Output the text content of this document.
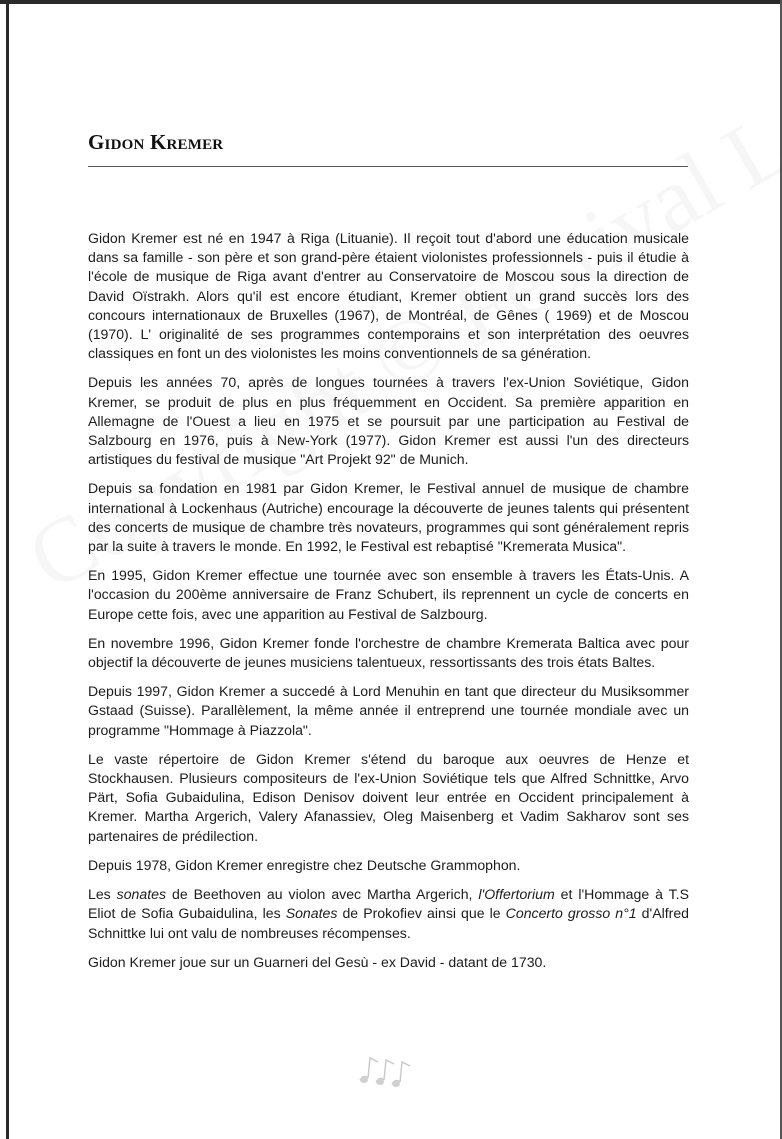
Gidon Kremer

Gidon Kremer est né en 1947 à Riga (Lituanie). Il reçoit tout d'abord une éducation musicale dans sa famille - son père et son grand-père étaient violonistes professionnels - puis il étudie à l'école de musique de Riga avant d'entrer au Conservatoire de Moscou sous la direction de David Oïstrakh. Alors qu'il est encore étudiant, Kremer obtient un grand succès lors des concours internationaux de Bruxelles (1967), de Montréal, de Gênes ( 1969) et de Moscou (1970). L' originalité de ses programmes contemporains et son interprétation des oeuvres classiques en font un des violonistes les moins conventionnels de sa génération.

Depuis les années 70, après de longues tournées à travers l'ex-Union Soviétique, Gidon Kremer, se produit de plus en plus fréquemment en Occident. Sa première apparition en Allemagne de l'Ouest a lieu en 1975 et se poursuit par une participation au Festival de Salzbourg en 1976, puis à New-York (1977). Gidon Kremer est aussi l'un des directeurs artistiques du festival de musique "Art Projekt 92" de Munich.

Depuis sa fondation en 1981 par Gidon Kremer, le Festival annuel de musique de chambre international à Lockenhaus (Autriche) encourage la découverte de jeunes talents qui présentent des concerts de musique de chambre très novateurs, programmes qui sont généralement repris par la suite à travers le monde. En 1992, le Festival est rebaptisé "Kremerata Musica".

En 1995, Gidon Kremer effectue une tournée avec son ensemble à travers les États-Unis. A l'occasion du 200ème anniversaire de Franz Schubert, ils reprennent un cycle de concerts en Europe cette fois, avec une apparition au Festival de Salzbourg.

En novembre 1996, Gidon Kremer fonde l'orchestre de chambre Kremerata Baltica avec pour objectif la découverte de jeunes musiciens talentueux, ressortissants des trois états Baltes.

Depuis 1997, Gidon Kremer a succedé à Lord Menuhin en tant que directeur du Musiksommer Gstaad (Suisse). Parallèlement, la même année il entreprend une tournée mondiale avec un programme "Hommage à Piazzola".

Le vaste répertoire de Gidon Kremer s'étend du baroque aux oeuvres de Henze et Stockhausen. Plusieurs compositeurs de l'ex-Union Soviétique tels que Alfred Schnittke, Arvo Pärt, Sofia Gubaidulina, Edison Denisov doivent leur entrée en Occident principalement à Kremer. Martha Argerich, Valery Afanassiev, Oleg Maisenberg et Vadim Sakharov sont ses partenaires de prédilection.

Depuis 1978, Gidon Kremer enregistre chez Deutsche Grammophon.

Les sonates de Beethoven au violon avec Martha Argerich, l'Offertorium et l'Hommage à T.S Eliot de Sofia Gubaidulina, les Sonates de Prokofiev ainsi que le Concerto grosso n°1 d'Alfred Schnittke lui ont valu de nombreuses récompenses.

Gidon Kremer joue sur un Guarneri del Gesù - ex David - datant de 1730.
